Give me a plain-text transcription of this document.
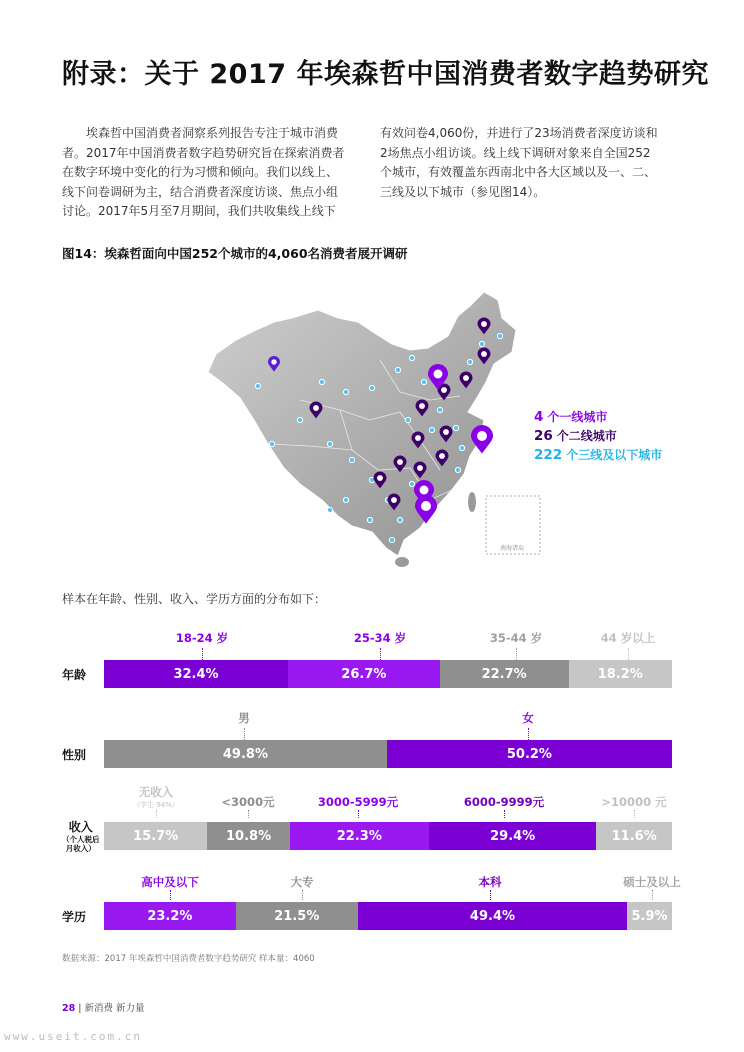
附录：关于 2017 年埃森哲中国消费者数字趋势研究

埃森哲中国消费者洞察系列报告专注于城市消费

者。2017年中国消费者数字趋势研究旨在探索消费者

在数字环境中变化的行为习惯和倾向。我们以线上、

线下问卷调研为主，结合消费者深度访谈、焦点小组

讨论。2017年5月至7月期间，我们共收集线上线下

有效问卷4,060份，并进行了23场消费者深度访谈和

2场焦点小组访谈。线上线下调研对象来自全国252

个城市，有效覆盖东西南北中各大区域以及一、二、

三线及以下城市（参见图14）。

图14：埃森哲面向中国252个城市的4,060名消费者展开调研
南海诸岛
4 个一线城市
26 个二线城市
222 个三线及以下城市
样本在年龄、性别、收入、学历方面的分布如下：
18-24 岁	25-34 岁	35-44 岁	44 岁以上
年龄	32.4%	26.7%	22.7%	18.2%
男	女
性别	49.8%	50.2%
无收入
（学生 94%）	<3000元	3000-5999元	6000-9999元	>10000 元
收入
（个人税后
月收入）
15.7%	10.8%	22.3%	29.4%	11.6%
高中及以下	大专	本科	硕士及以上
学历	23.2%	21.5%	49.4%	5.9%
数据来源：2017 年埃森哲中国消费者数字趋势研究 样本量：4060
28 | 新消费 新力量
www.useit.com.cn
